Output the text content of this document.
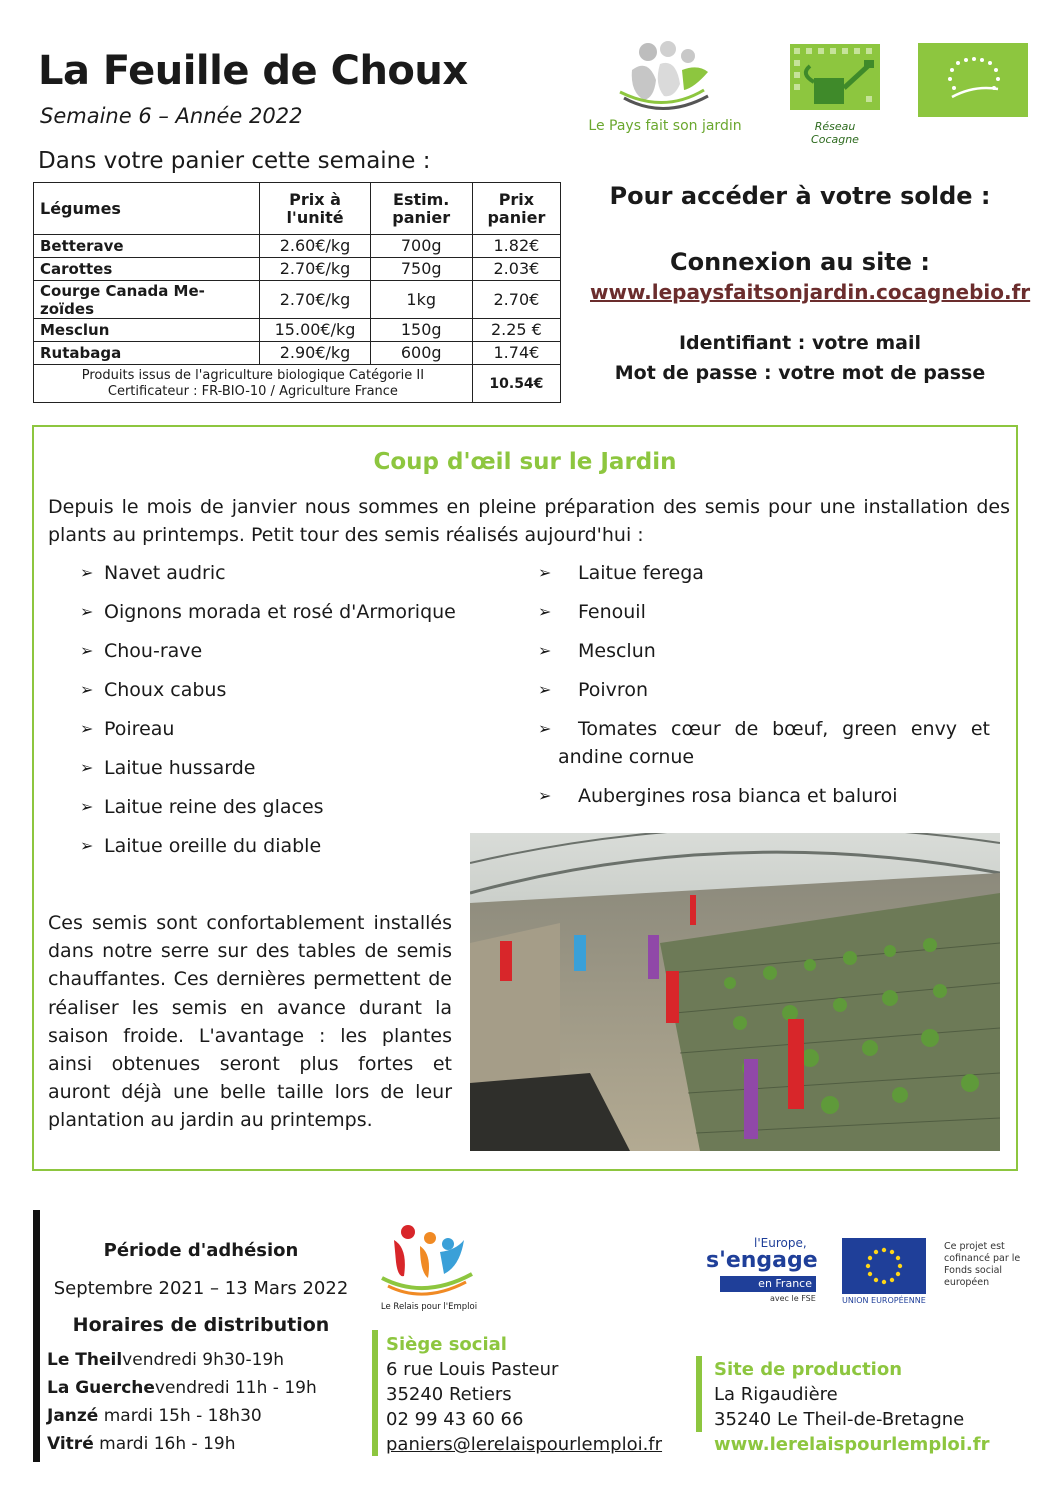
La Feuille de Choux
Semaine 6 – Année 2022
Dans votre panier cette semaine :
Le Pays fait son jardin	Réseau Cocagne
Légumes	Prix à l'unité	Estim. panier	Prix panier
Betterave	2.60€/kg	700g	1.82€
Carottes	2.70€/kg	750g	2.03€
Courge Canada Me-zoïdes	2.70€/kg	1kg	2.70€
Mesclun	15.00€/kg	150g	2.25 €
Rutabaga	2.90€/kg	600g	1.74€

Produits issus de l'agriculture biologique Catégorie II
Certificateur : FR-BIO-10 / Agriculture France			10.54€
Pour accéder à votre solde :
Connexion au site :
www.lepaysfaitsonjardin.cocagnebio.fr
Identifiant : votre mail
Mot de passe : votre mot de passe
Coup d'œil sur le Jardin
Depuis le mois de janvier nous sommes en pleine préparation des semis pour une installation des plants au printemps. Petit tour des semis réalisés aujourd'hui :
➢ Navet audric
➢ Oignons morada et rosé d'Armorique
➢ Chou-rave
➢ Choux cabus
➢ Poireau
➢ Laitue hussarde
➢ Laitue reine des glaces
➢ Laitue oreille du diable
➢ Laitue ferega
➢ Fenouil
➢ Mesclun
➢ Poivron
➢ Tomates cœur de bœuf, green envy et andine cornue
➢ Aubergines rosa bianca et baluroi
Ces semis sont confortablement installés dans notre serre sur des tables de semis chauffantes. Ces dernières permettent de réaliser les semis en avance durant la saison froide. L'avantage : les plantes ainsi obtenues seront plus fortes et auront déjà une belle taille lors de leur plantation au jardin au printemps.
Période d'adhésion
Septembre 2021 – 13 Mars 2022
Horaires de distribution
Le Theilvendredi 9h30-19h
La Guerchevendredi 11h - 19h
Janzé mardi 15h - 18h30
Vitré mardi 16h - 19h
Le Relais pour l'Emploi
Siège social
6 rue Louis Pasteur
35240 Retiers
02 99 43 60 66
paniers@lerelaispourlemploi.fr
Site de production
La Rigaudière
35240 Le Theil-de-Bretagne
www.lerelaispourlemploi.fr
l'Europe,
s'engage
en France
avec le FSE	UNION EUROPÉENNE
Ce projet est cofinancé par le Fonds social européen
